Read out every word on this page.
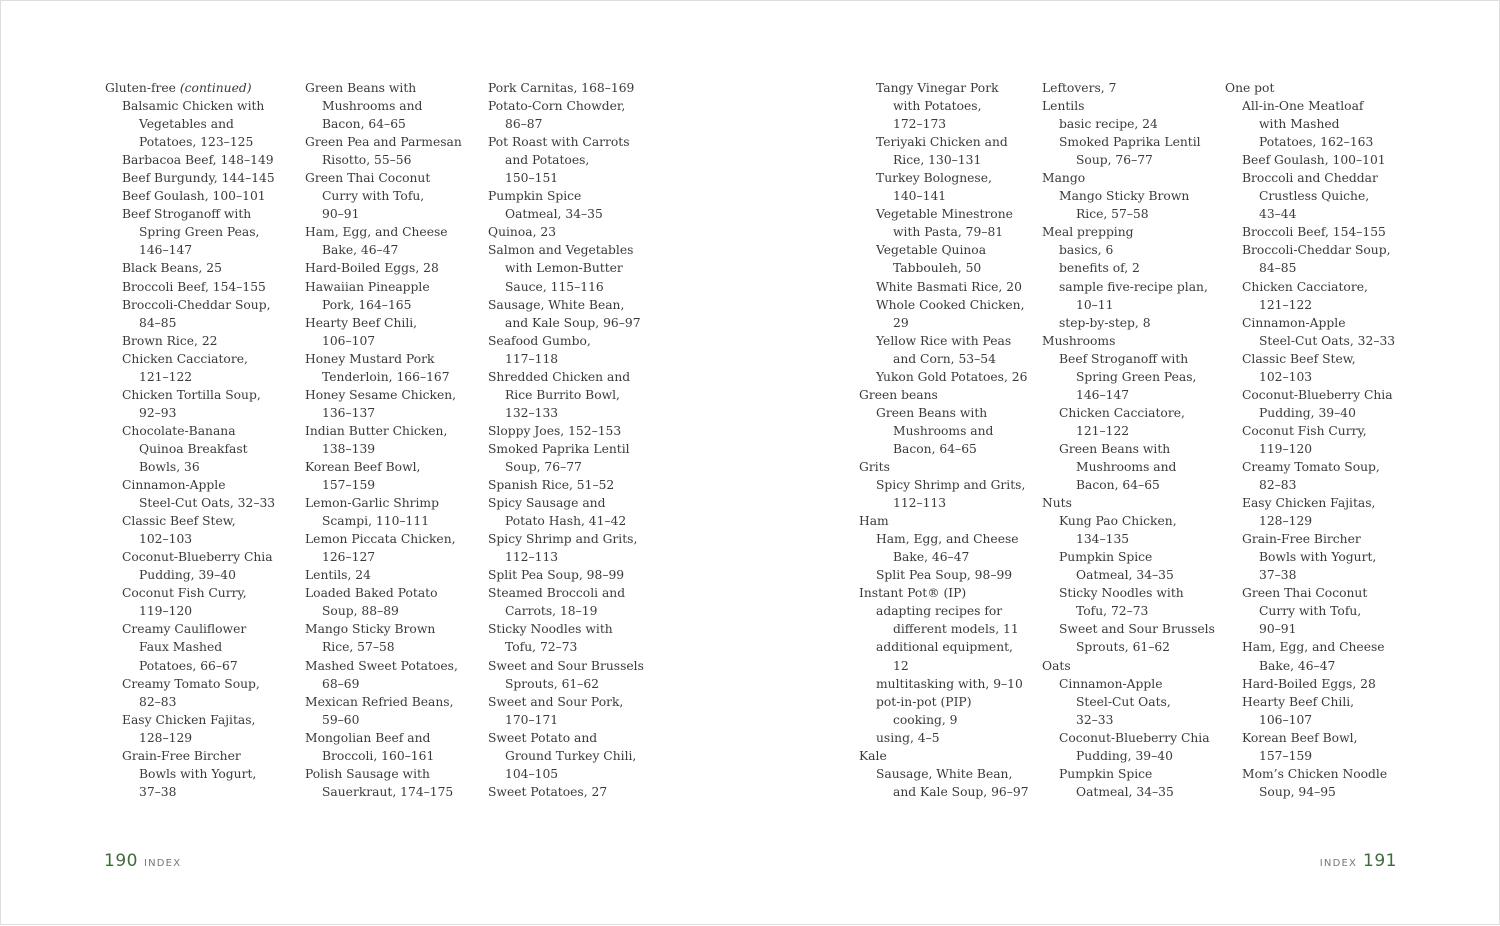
Gluten-free (continued)
Balsamic Chicken with
Vegetables and
Potatoes, 123–125
Barbacoa Beef, 148–149
Beef Burgundy, 144–145
Beef Goulash, 100–101
Beef Stroganoff with
Spring Green Peas,
146–147
Black Beans, 25
Broccoli Beef, 154–155
Broccoli-Cheddar Soup,
84–85
Brown Rice, 22
Chicken Cacciatore,
121–122
Chicken Tortilla Soup,
92–93
Chocolate-Banana
Quinoa Breakfast
Bowls, 36
Cinnamon-Apple
Steel-Cut Oats, 32–33
Classic Beef Stew,
102–103
Coconut-Blueberry Chia
Pudding, 39–40
Coconut Fish Curry,
119–120
Creamy Cauliflower
Faux Mashed
Potatoes, 66–67
Creamy Tomato Soup,
82–83
Easy Chicken Fajitas,
128–129
Grain-Free Bircher
Bowls with Yogurt,
37–38
Green Beans with
Mushrooms and
Bacon, 64–65
Green Pea and Parmesan
Risotto, 55–56
Green Thai Coconut
Curry with Tofu,
90–91
Ham, Egg, and Cheese
Bake, 46–47
Hard-Boiled Eggs, 28
Hawaiian Pineapple
Pork, 164–165
Hearty Beef Chili,
106–107
Honey Mustard Pork
Tenderloin, 166–167
Honey Sesame Chicken,
136–137
Indian Butter Chicken,
138–139
Korean Beef Bowl,
157–159
Lemon-Garlic Shrimp
Scampi, 110–111
Lemon Piccata Chicken,
126–127
Lentils, 24
Loaded Baked Potato
Soup, 88–89
Mango Sticky Brown
Rice, 57–58
Mashed Sweet Potatoes,
68–69
Mexican Refried Beans,
59–60
Mongolian Beef and
Broccoli, 160–161
Polish Sausage with
Sauerkraut, 174–175
Pork Carnitas, 168–169
Potato-Corn Chowder,
86–87
Pot Roast with Carrots
and Potatoes,
150–151
Pumpkin Spice
Oatmeal, 34–35
Quinoa, 23
Salmon and Vegetables
with Lemon-Butter
Sauce, 115–116
Sausage, White Bean,
and Kale Soup, 96–97
Seafood Gumbo,
117–118
Shredded Chicken and
Rice Burrito Bowl,
132–133
Sloppy Joes, 152–153
Smoked Paprika Lentil
Soup, 76–77
Spanish Rice, 51–52
Spicy Sausage and
Potato Hash, 41–42
Spicy Shrimp and Grits,
112–113
Split Pea Soup, 98–99
Steamed Broccoli and
Carrots, 18–19
Sticky Noodles with
Tofu, 72–73
Sweet and Sour Brussels
Sprouts, 61–62
Sweet and Sour Pork,
170–171
Sweet Potato and
Ground Turkey Chili,
104–105
Sweet Potatoes, 27
190 INDEX
Tangy Vinegar Pork
with Potatoes,
172–173
Teriyaki Chicken and
Rice, 130–131
Turkey Bolognese,
140–141
Vegetable Minestrone
with Pasta, 79–81
Vegetable Quinoa
Tabbouleh, 50
White Basmati Rice, 20
Whole Cooked Chicken,
29
Yellow Rice with Peas
and Corn, 53–54
Yukon Gold Potatoes, 26
Green beans
Green Beans with
Mushrooms and
Bacon, 64–65
Grits
Spicy Shrimp and Grits,
112–113
Ham
Ham, Egg, and Cheese
Bake, 46–47
Split Pea Soup, 98–99
Instant Pot® (IP)
adapting recipes for
different models, 11
additional equipment,
12
multitasking with, 9–10
pot-in-pot (PIP)
cooking, 9
using, 4–5
Kale
Sausage, White Bean,
and Kale Soup, 96–97
Leftovers, 7
Lentils
basic recipe, 24
Smoked Paprika Lentil
Soup, 76–77
Mango
Mango Sticky Brown
Rice, 57–58
Meal prepping
basics, 6
benefits of, 2
sample five-recipe plan,
10–11
step-by-step, 8
Mushrooms
Beef Stroganoff with
Spring Green Peas,
146–147
Chicken Cacciatore,
121–122
Green Beans with
Mushrooms and
Bacon, 64–65
Nuts
Kung Pao Chicken,
134–135
Pumpkin Spice
Oatmeal, 34–35
Sticky Noodles with
Tofu, 72–73
Sweet and Sour Brussels
Sprouts, 61–62
Oats
Cinnamon-Apple
Steel-Cut Oats,
32–33
Coconut-Blueberry Chia
Pudding, 39–40
Pumpkin Spice
Oatmeal, 34–35
One pot
All-in-One Meatloaf
with Mashed
Potatoes, 162–163
Beef Goulash, 100–101
Broccoli and Cheddar
Crustless Quiche,
43–44
Broccoli Beef, 154–155
Broccoli-Cheddar Soup,
84–85
Chicken Cacciatore,
121–122
Cinnamon-Apple
Steel-Cut Oats, 32–33
Classic Beef Stew,
102–103
Coconut-Blueberry Chia
Pudding, 39–40
Coconut Fish Curry,
119–120
Creamy Tomato Soup,
82–83
Easy Chicken Fajitas,
128–129
Grain-Free Bircher
Bowls with Yogurt,
37–38
Green Thai Coconut
Curry with Tofu,
90–91
Ham, Egg, and Cheese
Bake, 46–47
Hard-Boiled Eggs, 28
Hearty Beef Chili,
106–107
Korean Beef Bowl,
157–159
Mom’s Chicken Noodle
Soup, 94–95
INDEX 191
